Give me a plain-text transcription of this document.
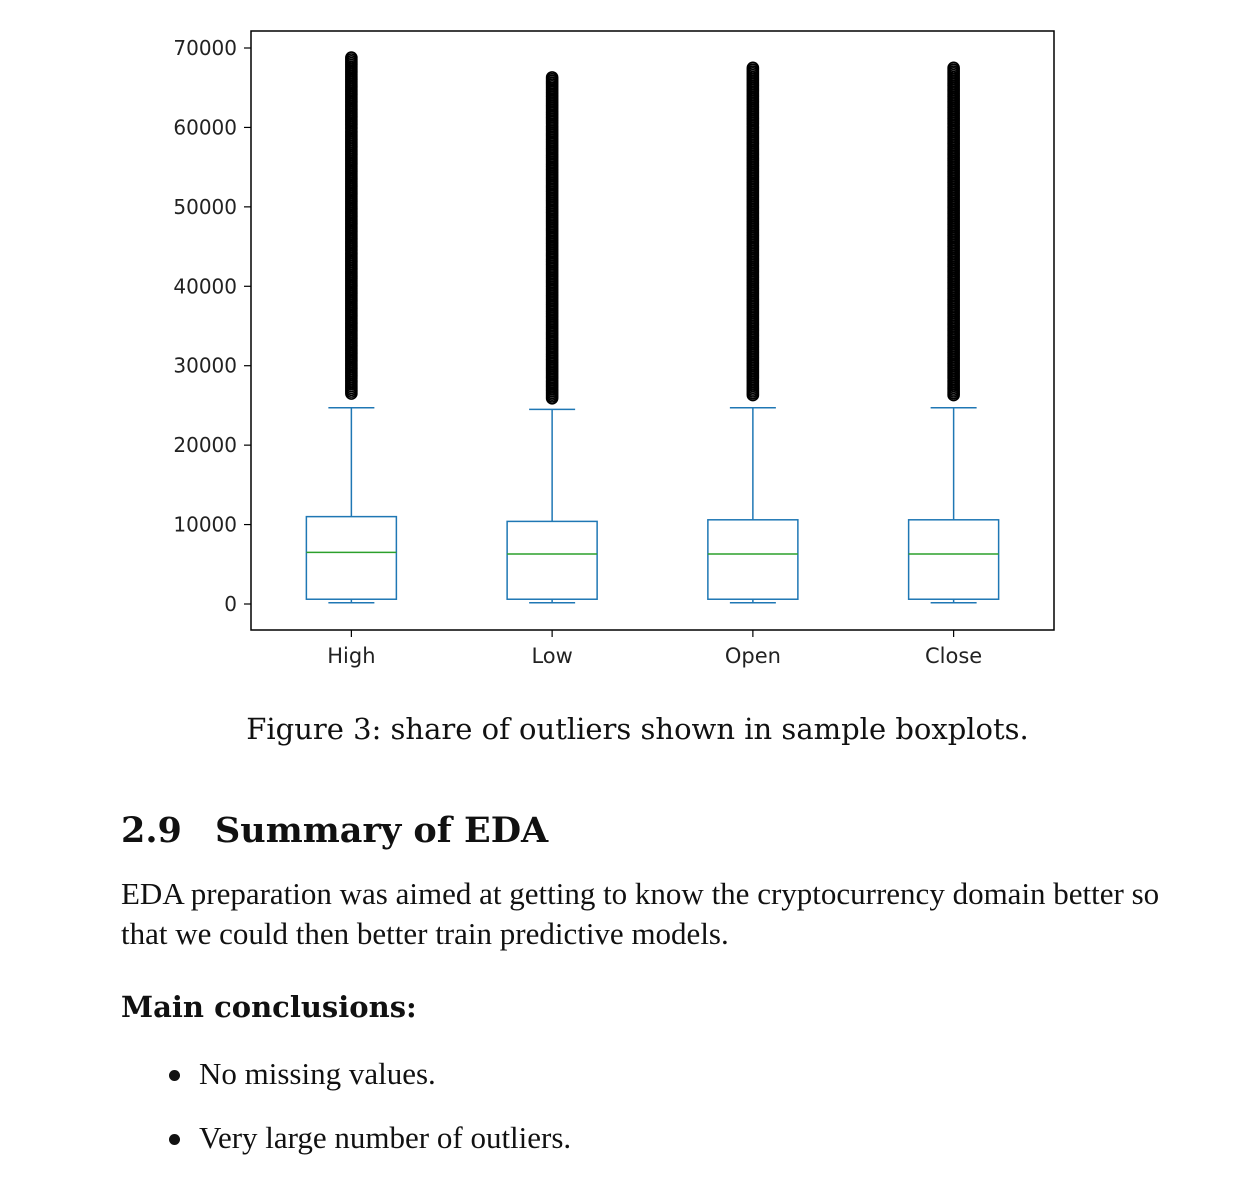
0
10000
20000
30000
40000
50000
60000
70000
High	Low	Open	Close

Figure 3: share of outliers shown in sample boxplots.

2.9 Summary of EDA

EDA preparation was aimed at getting to know the cryptocurrency domain better so that we could then better train predictive models.

Main conclusions:
No missing values.
Very large number of outliers.
